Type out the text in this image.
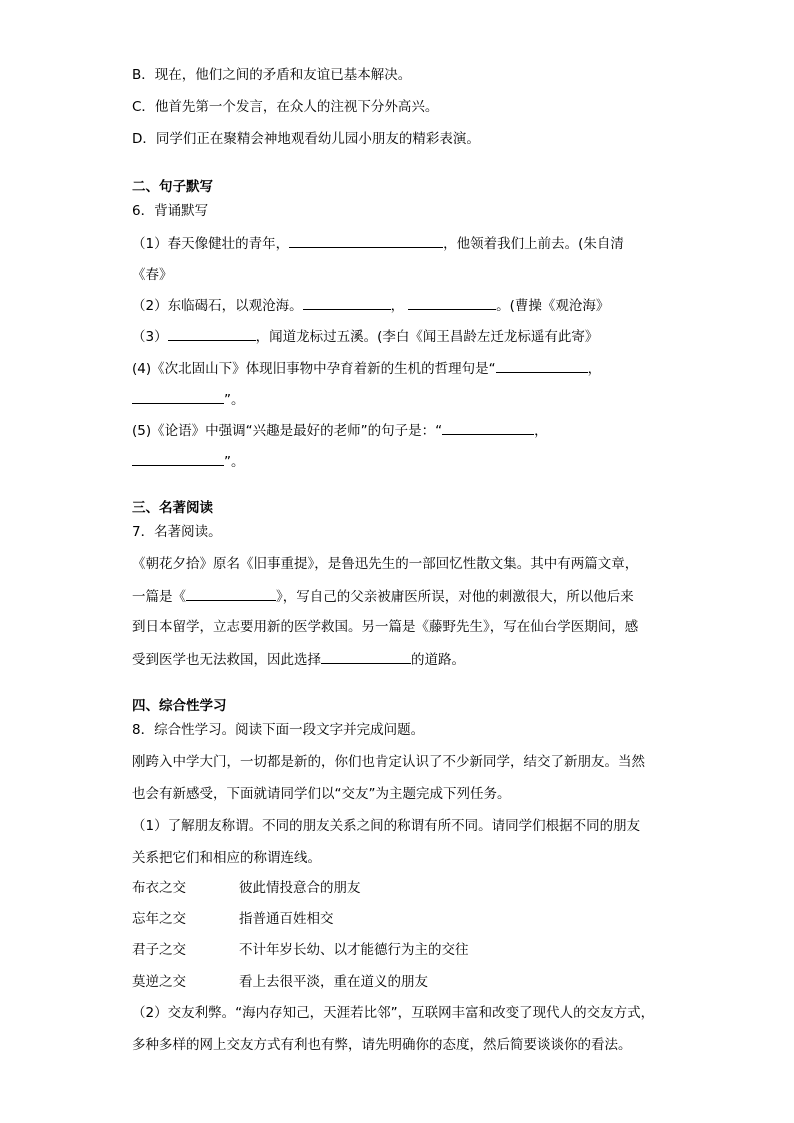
B．现在，他们之间的矛盾和友谊已基本解决。
C．他首先第一个发言，在众人的注视下分外高兴。
D．同学们正在聚精会神地观看幼儿园小朋友的精彩表演。
二、句子默写
6．背诵默写
（1）春天像健壮的青年，	，他领着我们上前去。(朱自清
《春》
（2）东临碣石，以观沧海。	，	。(曹操《观沧海》
（3）	，闻道龙标过五溪。(李白《闻王昌龄左迁龙标遥有此寄》
(4)《次北固山下》体现旧事物中孕育着新的生机的哲理句是“	，
”。
(5)《论语》中强调“兴趣是最好的老师”的句子是：“	，
”。
三、名著阅读
7．名著阅读。
《朝花夕拾》原名《旧事重提》，是鲁迅先生的一部回忆性散文集。其中有两篇文章，
一篇是《	》，写自己的父亲被庸医所误，对他的刺激很大，所以他后来
到日本留学，立志要用新的医学救国。另一篇是《藤野先生》，写在仙台学医期间，感
受到医学也无法救国，因此选择	的道路。
四、综合性学习
8．综合性学习。阅读下面一段文字并完成问题。
刚跨入中学大门，一切都是新的，你们也肯定认识了不少新同学，结交了新朋友。当然
也会有新感受，下面就请同学们以“交友”为主题完成下列任务。
（1）了解朋友称谓。不同的朋友关系之间的称谓有所不同。请同学们根据不同的朋友
关系把它们和相应的称谓连线。
布衣之交	彼此情投意合的朋友
忘年之交	指普通百姓相交
君子之交	不计年岁长幼、以才能德行为主的交往
莫逆之交	看上去很平淡，重在道义的朋友
（2）交友利弊。“海内存知己，天涯若比邻”，互联网丰富和改变了现代人的交友方式，
多种多样的网上交友方式有利也有弊，请先明确你的态度，然后简要谈谈你的看法。
